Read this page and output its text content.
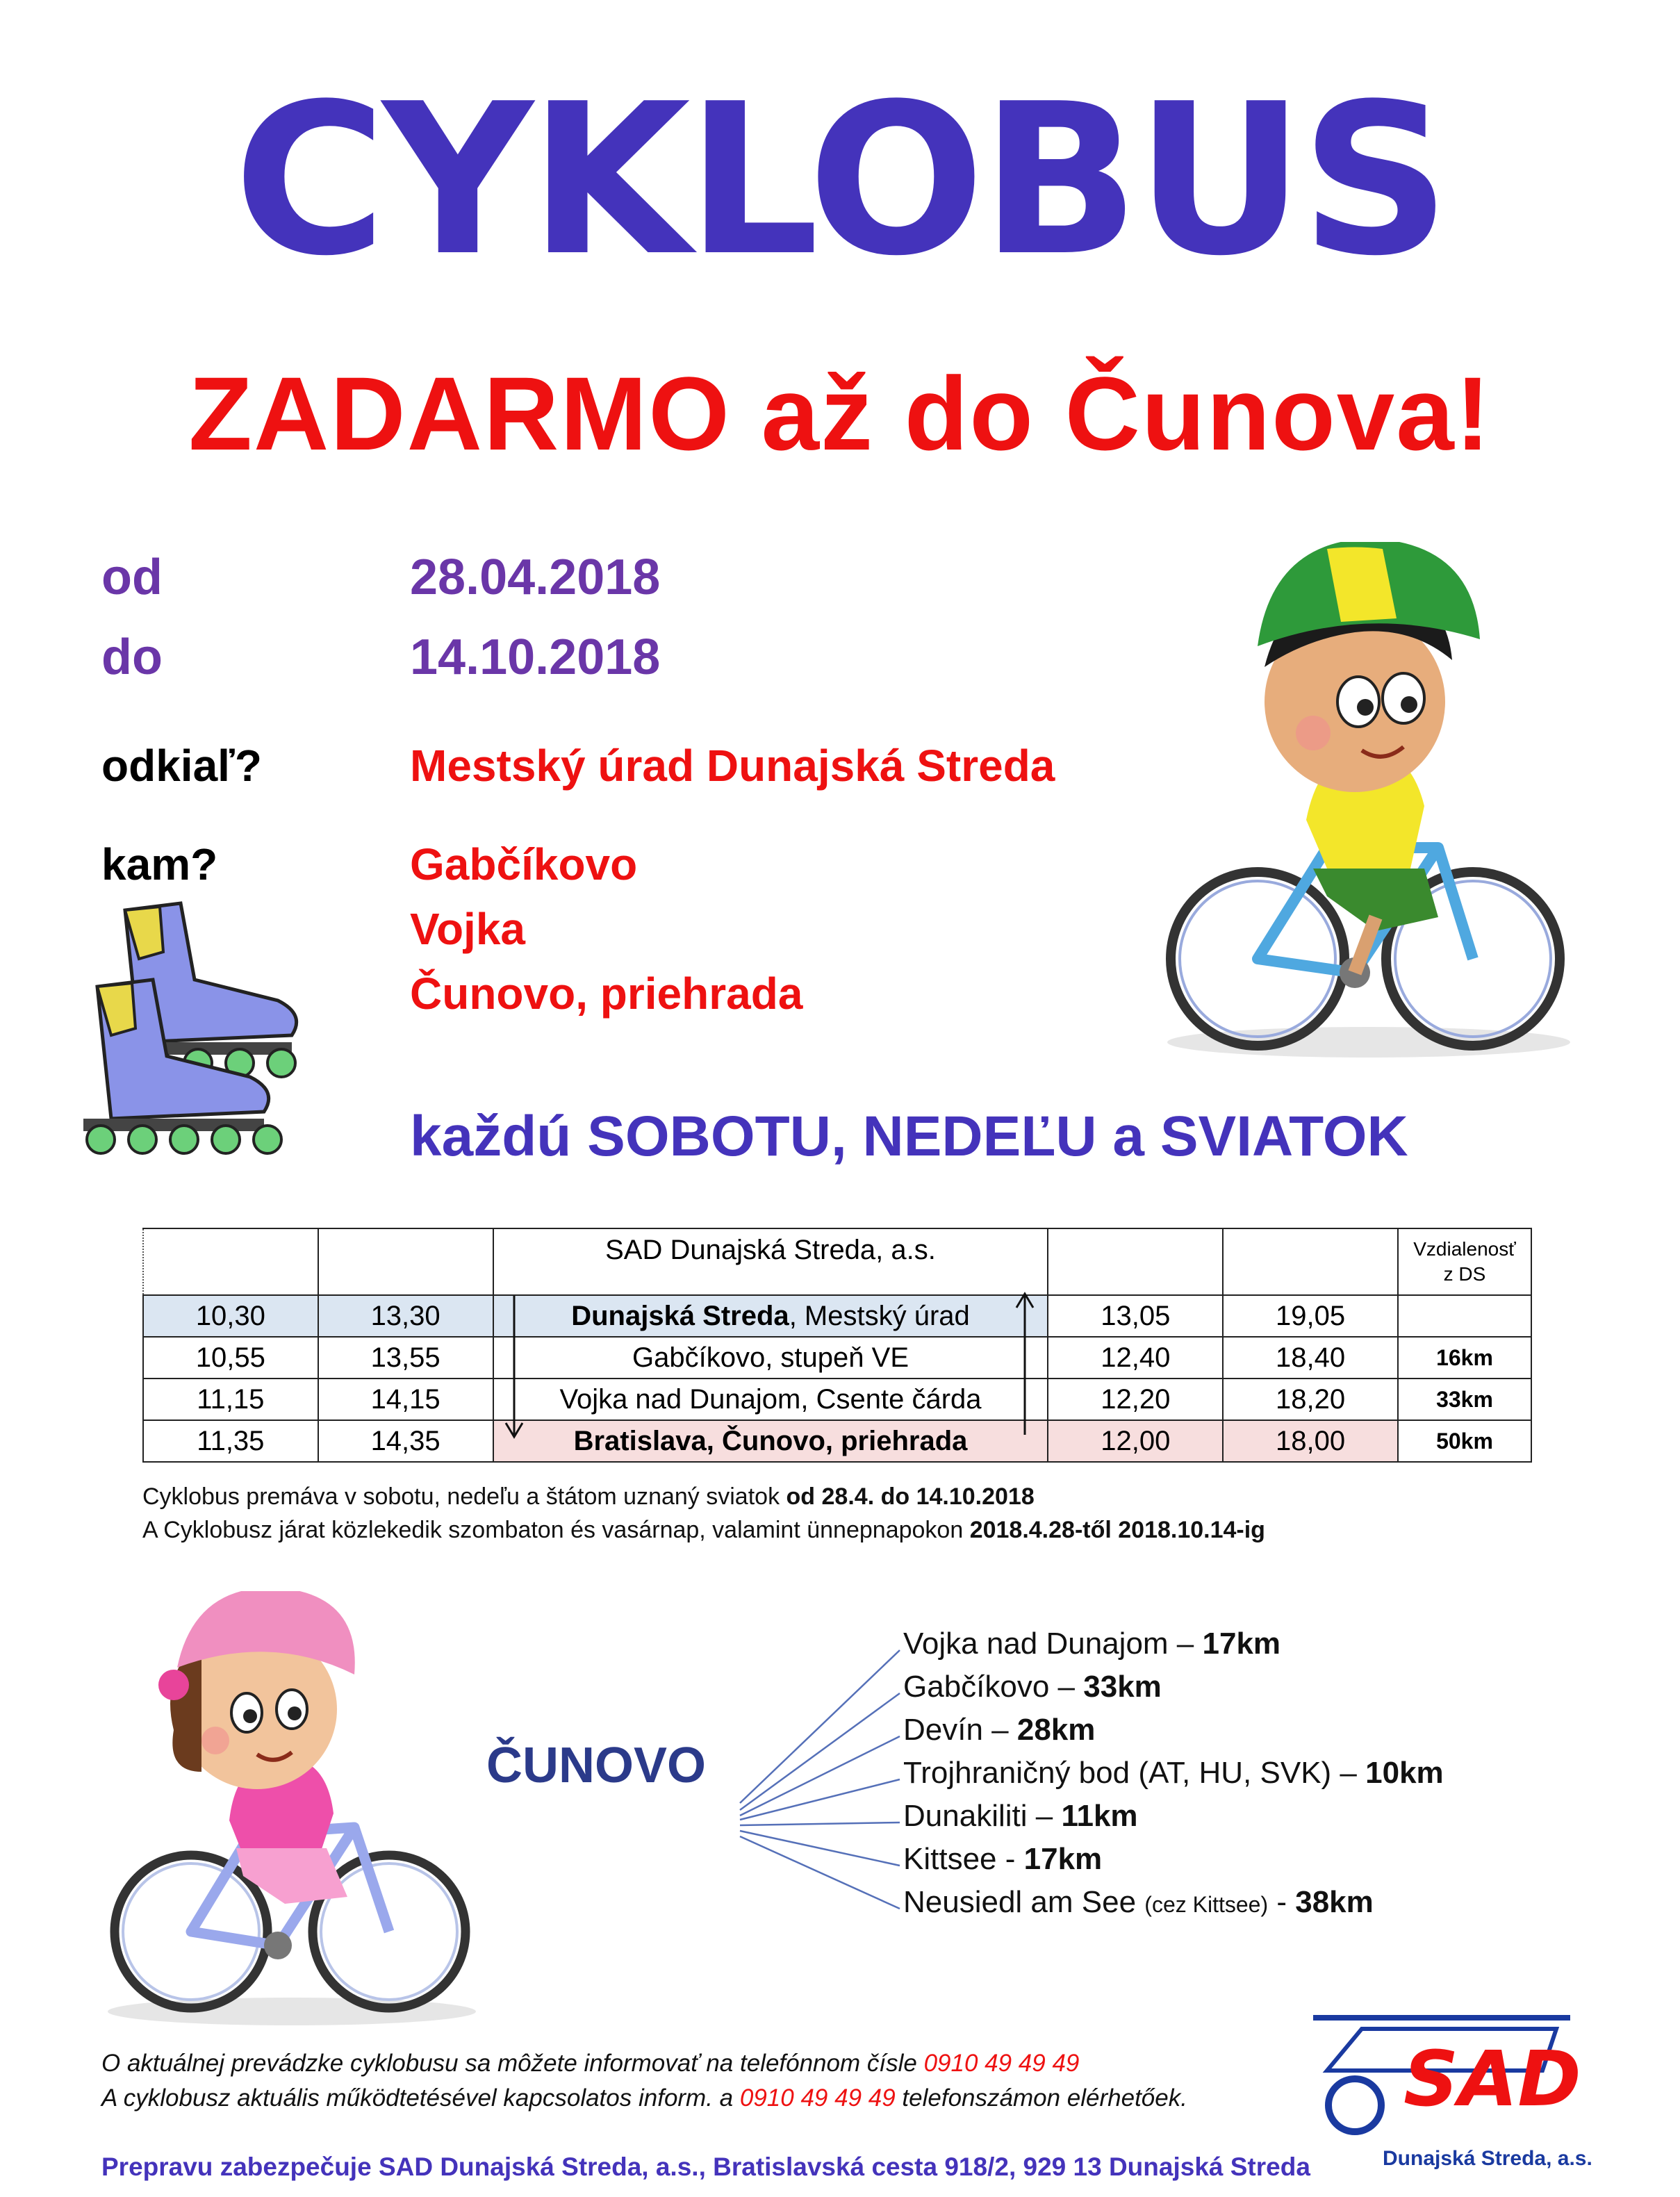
CYKLOBUS
ZADARMO až do Čunova!
od	28.04.2018
do	14.10.2018
odkiaľ?	Mestský úrad Dunajská Streda
kam?	Gabčíkovo
Vojka
Čunovo, priehrada
každú SOBOTU, NEDEĽU a SVIATOK
		SAD Dunajská Streda, a.s.			Vzdialenosť
z DS
10,30	13,30	Dunajská Streda, Mestský úrad	13,05	19,05	
10,55	13,55	Gabčíkovo, stupeň VE	12,40	18,40	16km
11,15	14,15	Vojka nad Dunajom, Csente čárda	12,20	18,20	33km
11,35	14,35	Bratislava, Čunovo, priehrada	12,00	18,00	50km
Cyklobus premáva v sobotu, nedeľu a štátom uznaný sviatok od 28.4. do 14.10.2018
A Cyklobusz járat közlekedik szombaton és vasárnap, valamint ünnepnapokon 2018.4.28-től 2018.10.14-ig
ČUNOVO
Vojka nad Dunajom – 17km
Gabčíkovo – 33km
Devín – 28km
Trojhraničný bod (AT, HU, SVK) – 10km
Dunakiliti – 11km
Kittsee - 17km
Neusiedl am See (cez Kittsee) - 38km
O aktuálnej prevádzke cyklobusu sa môžete informovať na telefónnom čísle 0910 49 49 49
A cyklobusz aktuális működtetésével kapcsolatos inform. a 0910 49 49 49 telefonszámon elérhetőek.
Prepravu zabezpečuje SAD Dunajská Streda, a.s., Bratislavská cesta 918/2, 929 13 Dunajská Streda
SAD
Dunajská Streda, a.s.
